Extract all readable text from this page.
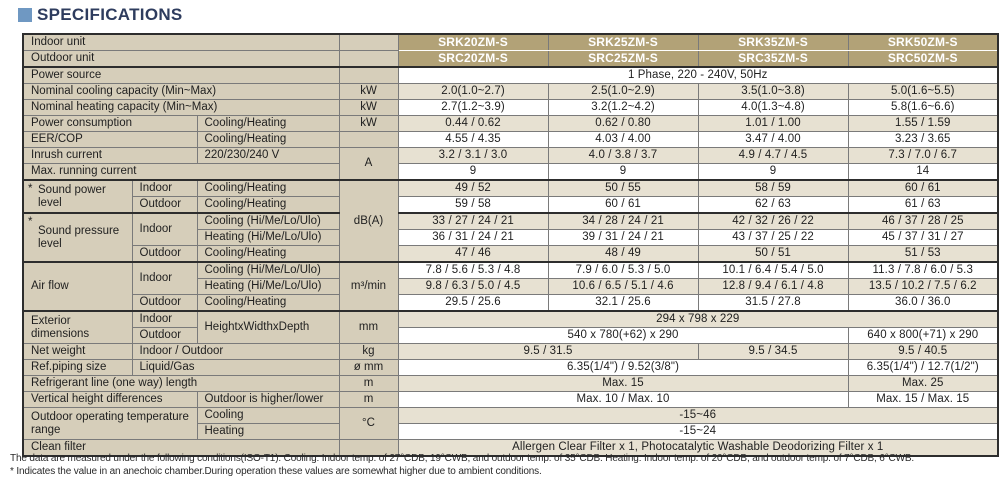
SPECIFICATIONS
Indoor unit				SRK20ZM-S	SRK25ZM-S	SRK35ZM-S	SRK50ZM-S
Outdoor unit				SRC20ZM-S	SRC25ZM-S	SRC35ZM-S	SRC50ZM-S
Power source				1 Phase, 220 - 240V, 50Hz			
Nominal cooling capacity (Min~Max)			kW	2.0(1.0~2.7)	2.5(1.0~2.9)	3.5(1.0~3.8)	5.0(1.6~5.5)
Nominal heating capacity (Min~Max)			kW	2.7(1.2~3.9)	3.2(1.2~4.2)	4.0(1.3~4.8)	5.8(1.6~6.6)
Power consumption		Cooling/Heating	kW	0.44 / 0.62	0.62 / 0.80	1.01 / 1.00	1.55 / 1.59
EER/COP		Cooling/Heating		4.55 / 4.35	4.03 / 4.00	3.47 / 4.00	3.23 / 3.65
Inrush current		220/230/240 V	A	3.2 / 3.1 / 3.0	4.0 / 3.8 / 3.7	4.9 / 4.7 / 4.5	7.3 / 7.0 / 6.7
Max. running current				9	9	9	14

* Sound power level	Indoor	Cooling/Heating	dB(A)	49 / 52	50 / 55	58 / 59	60 / 61
	Outdoor	Cooling/Heating		59 / 58	60 / 61	62 / 63	61 / 63

*
Sound pressure level	Indoor	Cooling (Hi/Me/Lo/Ulo)		33 / 27 / 24 / 21	34 / 28 / 24 / 21	42 / 32 / 26 / 22	46 / 37 / 28 / 25
		Heating (Hi/Me/Lo/Ulo)		36 / 31 / 24 / 21	39 / 31 / 24 / 21	43 / 37 / 25 / 22	45 / 37 / 31 / 27
	Outdoor	Cooling/Heating		47 / 46	48 / 49	50 / 51	51 / 53
Air flow	Indoor	Cooling (Hi/Me/Lo/Ulo)	m³/min	7.8 / 5.6 / 5.3 / 4.8	7.9 / 6.0 / 5.3 / 5.0	10.1 / 6.4 / 5.4 / 5.0	11.3 / 7.8 / 6.0 / 5.3
		Heating (Hi/Me/Lo/Ulo)		9.8 / 6.3 / 5.0 / 4.5	10.6 / 6.5 / 5.1 / 4.6	12.8 / 9.4 / 6.1 / 4.8	13.5 / 10.2 / 7.5 / 6.2
	Outdoor	Cooling/Heating		29.5 / 25.6	32.1 / 25.6	31.5 / 27.8	36.0 / 36.0
Exterior dimensions	Indoor	HeightxWidthxDepth	mm	294 x 798 x 229			
	Outdoor			540 x 780(+62) x 290			640 x 800(+71) x 290
Net weight	Indoor / Outdoor		kg	9.5 / 31.5		9.5 / 34.5	9.5 / 40.5
Ref.piping size	Liquid/Gas		ø mm	6.35(1/4") / 9.52(3/8")			6.35(1/4") / 12.7(1/2")
Refrigerant line (one way) length			m	Max. 15			Max. 25
Vertical height differences		Outdoor is higher/lower	m	Max. 10 / Max. 10			Max. 15 / Max. 15
Outdoor operating temperature range		Cooling	°C	-15~46			
		Heating		-15~24			
Clean filter				Allergen Clear Filter x 1, Photocatalytic Washable Deodorizing Filter x 1			
The data are measured under the following conditions(ISO-T1). Cooling: Indoor temp. of 27°CDB, 19°CWB, and outdoor temp. of 35°CDB. Heating: Indoor temp. of 20°CDB, and outdoor temp. of 7°CDB, 6°CWB.
* Indicates the value in an anechoic chamber.During operation these values are somewhat higher due to ambient conditions.
